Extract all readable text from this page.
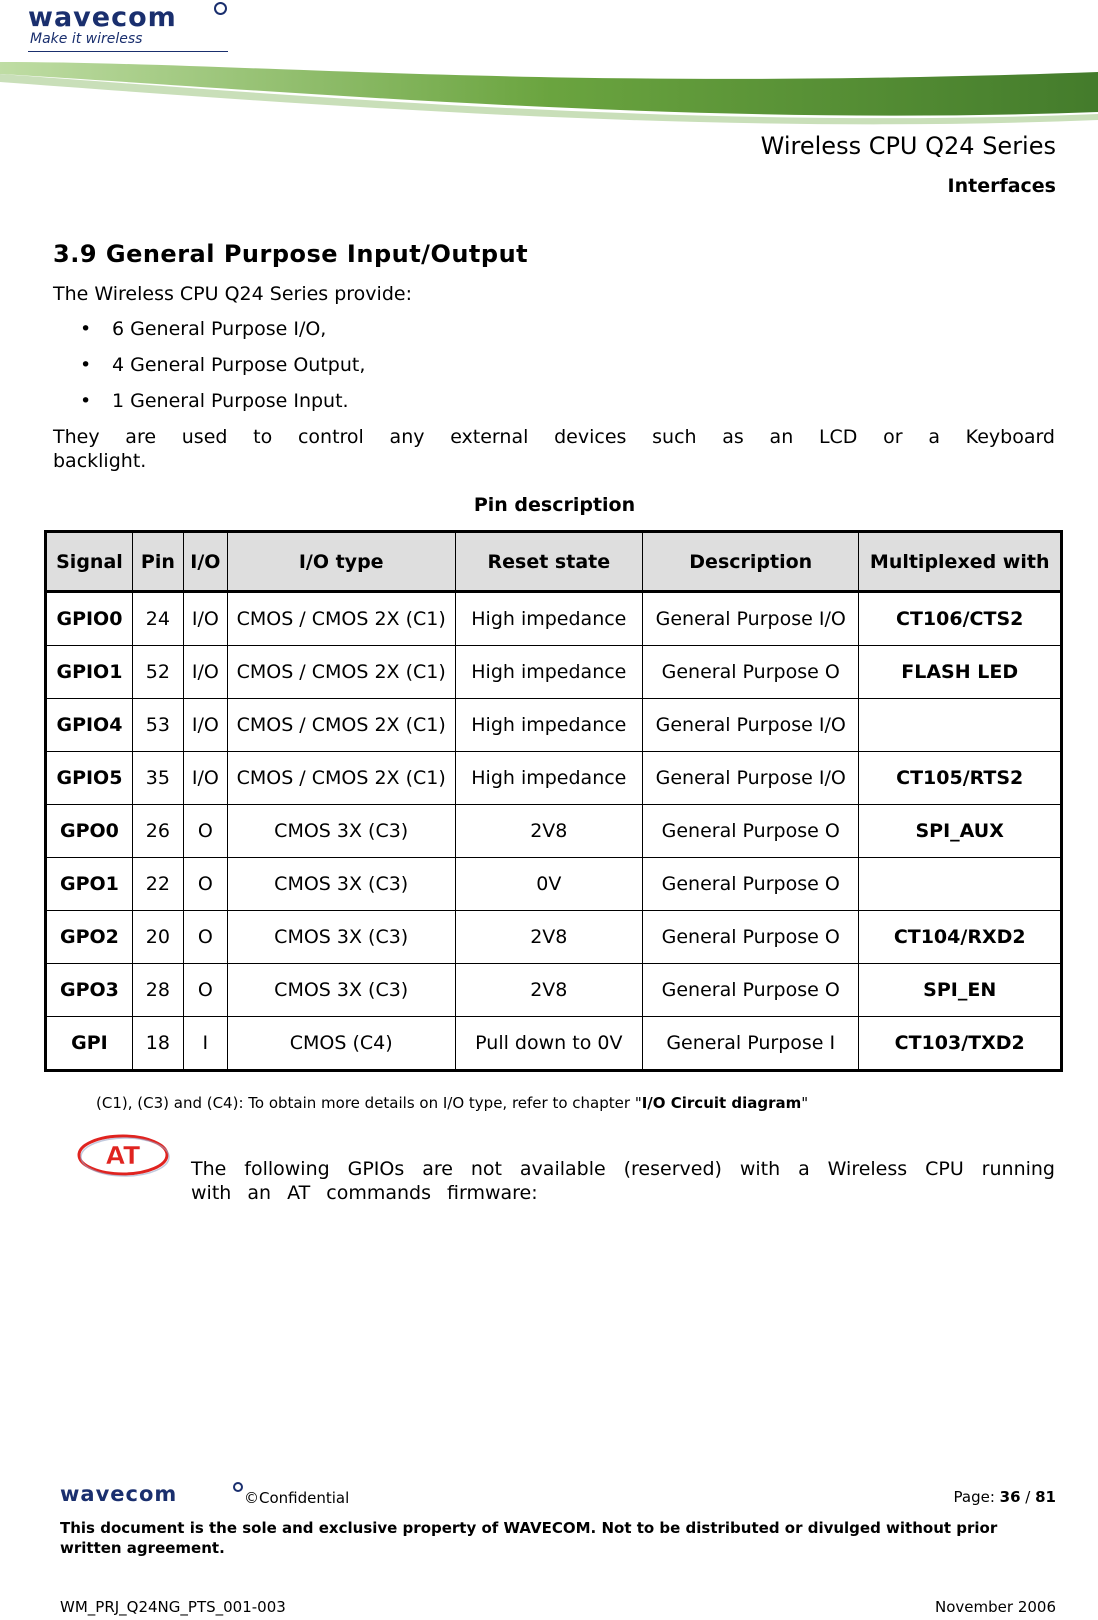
wavecom
Make it wireless
Wireless CPU Q24 Series
Interfaces
3.9 General Purpose Input/Output
The Wireless CPU Q24 Series provide:
• 6 General Purpose I/O,
• 4 General Purpose Output,
• 1 General Purpose Input.
They are used to control any external devices such as an LCD or a Keyboard backlight.
Pin description
Signal	Pin	I/O	I/O type	Reset state	Description	Multiplexed with
GPIO0	24	I/O	CMOS / CMOS 2X (C1)	High impedance	General Purpose I/O	CT106/CTS2
GPIO1	52	I/O	CMOS / CMOS 2X (C1)	High impedance	General Purpose O	FLASH LED
GPIO4	53	I/O	CMOS / CMOS 2X (C1)	High impedance	General Purpose I/O	
GPIO5	35	I/O	CMOS / CMOS 2X (C1)	High impedance	General Purpose I/O	CT105/RTS2
GPO0	26	O	CMOS 3X (C3)	2V8	General Purpose O	SPI_AUX
GPO1	22	O	CMOS 3X (C3)	0V	General Purpose O	
GPO2	20	O	CMOS 3X (C3)	2V8	General Purpose O	CT104/RXD2
GPO3	28	O	CMOS 3X (C3)	2V8	General Purpose O	SPI_EN
GPI	18	I	CMOS (C4)	Pull down to 0V	General Purpose I	CT103/TXD2
(C1), (C3) and (C4): To obtain more details on I/O type, refer to chapter "I/O Circuit diagram"
AT	The following GPIOs are not available (reserved) with a Wireless CPU running with an AT commands firmware:
wavecom	©Confidential	Page: 36 / 81
This document is the sole and exclusive property of WAVECOM. Not to be distributed or divulged without prior written agreement.
WM_PRJ_Q24NG_PTS_001-003	November 2006
